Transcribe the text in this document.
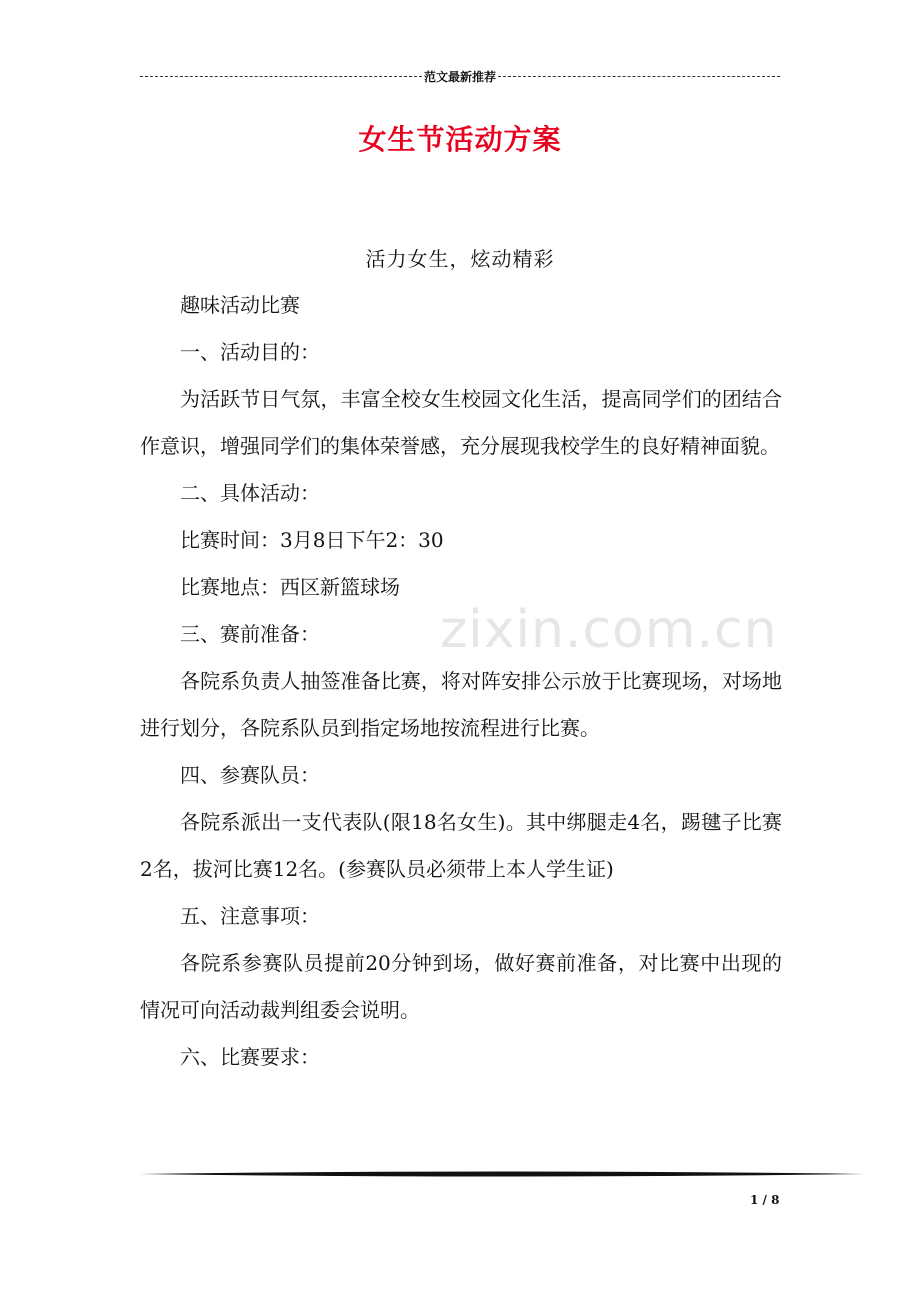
范文最新推荐
女生节活动方案
活力女生，炫动精彩
zixin.com.cn

趣味活动比赛

一、活动目的：

为活跃节日气氛，丰富全校女生校园文化生活，提高同学们的团结合作意识，增强同学们的集体荣誉感，充分展现我校学生的良好精神面貌。

二、具体活动：

比赛时间：3月8日下午2：30

比赛地点：西区新篮球场

三、赛前准备：

各院系负责人抽签准备比赛，将对阵安排公示放于比赛现场，对场地进行划分，各院系队员到指定场地按流程进行比赛。

四、参赛队员：

各院系派出一支代表队(限18名女生)。其中绑腿走4名，踢毽子比赛2名，拔河比赛12名。(参赛队员必须带上本人学生证)

五、注意事项：

各院系参赛队员提前20分钟到场，做好赛前准备，对比赛中出现的情况可向活动裁判组委会说明。

六、比赛要求：

1 / 8
